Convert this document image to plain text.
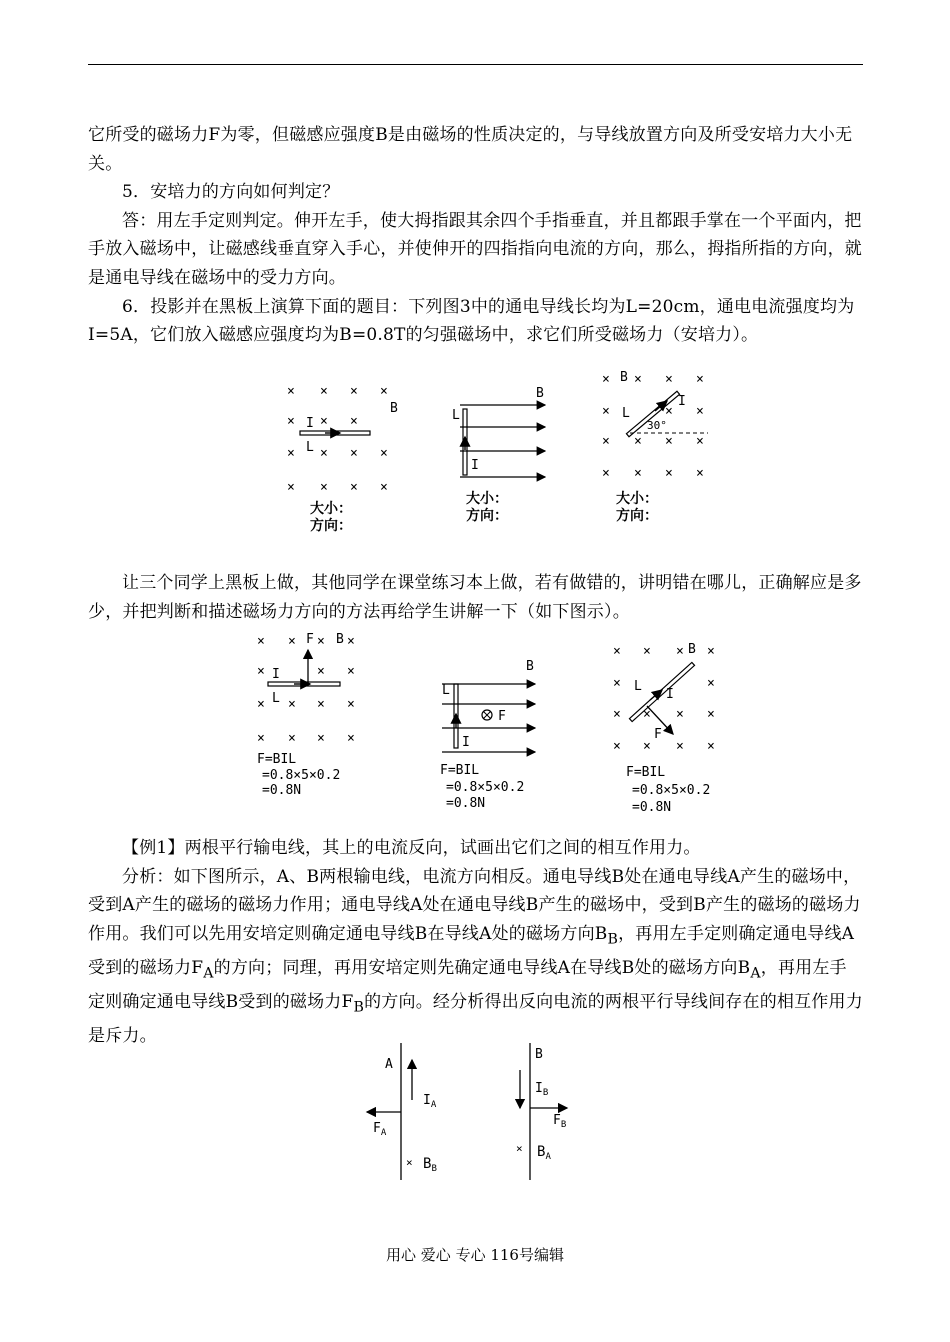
它所受的磁场力F为零，但磁感应强度B是由磁场的性质决定的，与导线放置方向及所受安培力大小无关。

5．安培力的方向如何判定？

答：用左手定则判定。伸开左手，使大拇指跟其余四个手指垂直，并且都跟手掌在一个平面内，把手放入磁场中，让磁感线垂直穿入手心，并使伸开的四指指向电流的方向，那么，拇指所指的方向，就是通电导线在磁场中的受力方向。

6．投影并在黑板上演算下面的题目：下列图3中的通电导线长均为L=20cm，通电电流强度均为I=5A，它们放入磁感应强度均为B=0.8T的匀强磁场中，求它们所受磁场力（安培力）。

× × × ×
× × ×
× × × ×
× × × ×
B
I
L
大小：
方向：
B
L
I
大小：
方向：
× × × ×
×	× ×
× × × ×
× × × ×
B
L
I
30°
大小：
方向：

让三个同学上黑板上做，其他同学在课堂练习本上做，若有做错的，讲明错在哪儿，正确解应是多少，并把判断和描述磁场力方向的方法再给学生讲解一下（如下图示）。

× × × ×
×	× ×
× × × ×
× × × ×
F B
I
L
F=BIL
=0.8×5×0.2
=0.8N
B
L
I
F
F=BIL
=0.8×5×0.2
=0.8N
× × × ×
×	×
× × × ×
× × × ×
B
L
I
F
F=BIL
=0.8×5×0.2
=0.8N

【例1】两根平行输电线，其上的电流反向，试画出它们之间的相互作用力。

分析：如下图所示，A、B两根输电线，电流方向相反。通电导线B处在通电导线A产生的磁场中，受到A产生的磁场的磁场力作用；通电导线A处在通电导线B产生的磁场中，受到B产生的磁场的磁场力作用。我们可以先用安培定则确定通电导线B在导线A处的磁场方向$B_B$，再用左手定则确定通电导线A受到的磁场力$F_A$的方向；同理，再用安培定则先确定通电导线A在导线B处的磁场方向$B_A$，再用左手定则确定通电导线B受到的磁场力$F_B$的方向。经分析得出反向电流的两根平行导线间存在的相互作用力是斥力。

A
$I_A$
$F_A$
× $B_B$
B
$I_B$
$F_B$
× $B_A$
用心 爱心 专心 116号编辑
